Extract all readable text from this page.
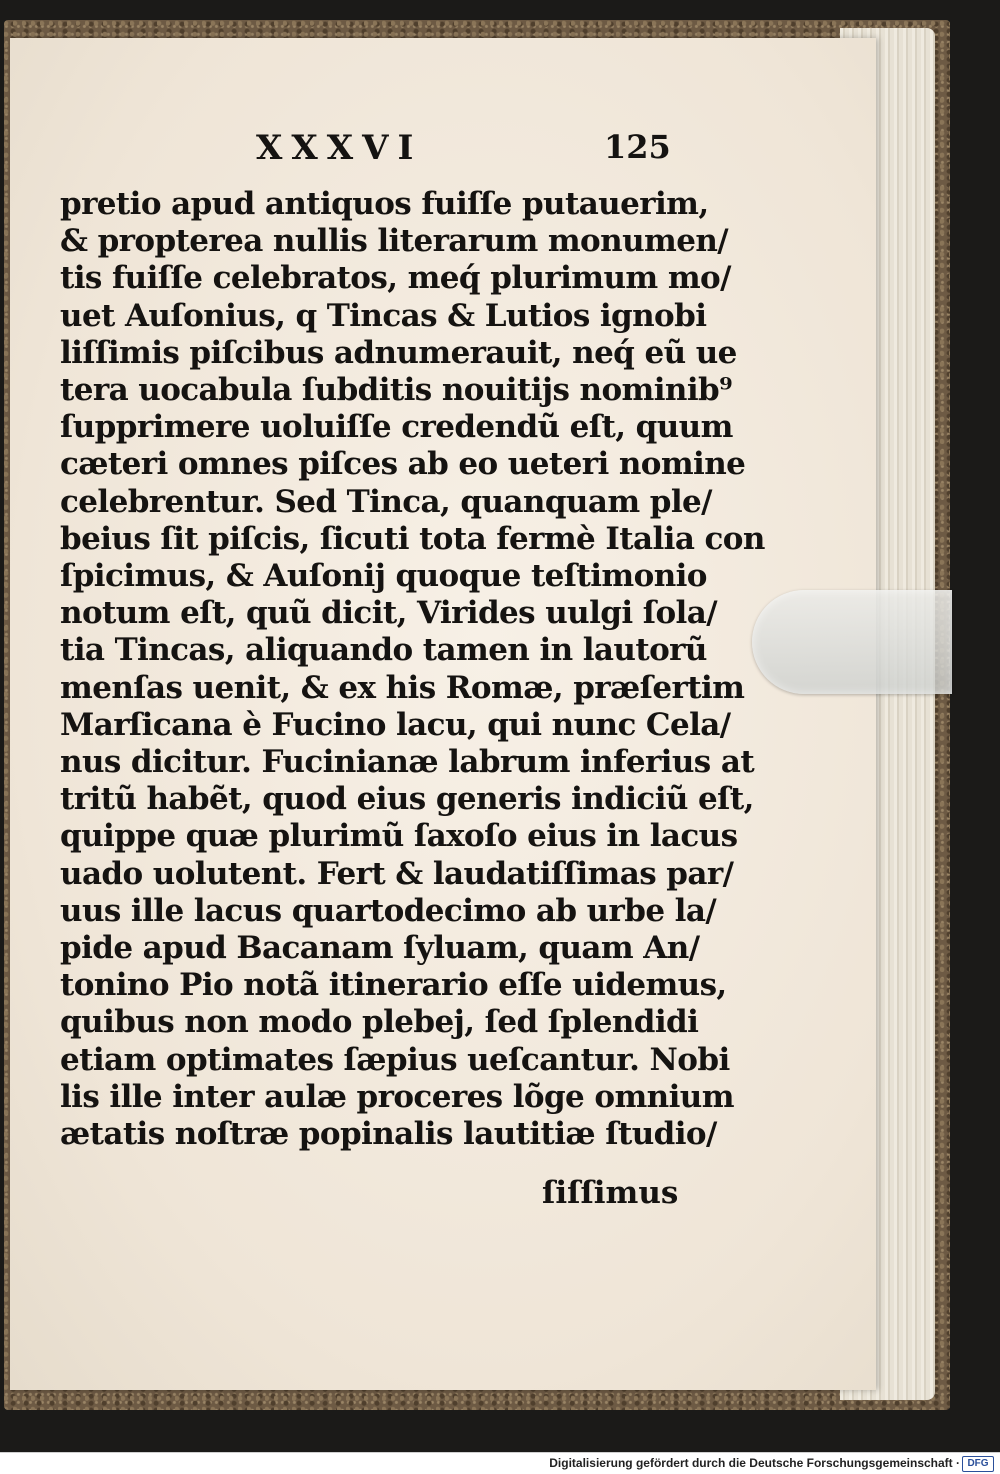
XXXVI	125
pretio apud antiquos fuiſſe putauerim,
& propterea nullis literarum monumen/
tis fuiſſe celebratos, meq́ plurimum mo/
uet Auſonius, q Tincas & Lutios ignobi
liſſimis piſcibus adnumerauit, neq́ eũ ue
tera uocabula ſubditis nouitijs nominib⁹
ſupprimere uoluiſſe credendũ eſt, quum
cæteri omnes piſces ab eo ueteri nomine
celebrentur. Sed Tinca, quanquam ple/
beius ſit piſcis, ſicuti tota fermè Italia con
ſpicimus, & Auſonij quoque teſtimonio
notum eſt, quũ dicit, Virides uulgi ſola/
tia Tincas, aliquando tamen in lautorũ
menſas uenit, & ex his Romæ, præſertim
Marſicana è Fucino lacu, qui nunc Cela/
nus dicitur. Fucinianæ labrum inferius at
tritũ habẽt, quod eius generis indiciũ eſt,
quippe quæ plurimũ ſaxoſo eius in lacus
uado uolutent. Fert & laudatiſſimas par/
uus ille lacus quartodecimo ab urbe la/
pide apud Bacanam ſyluam, quam An/
tonino Pio notã itinerario eſſe uidemus,
quibus non modo plebej, ſed ſplendidi
etiam optimates ſæpius ueſcantur. Nobi
lis ille inter aulæ proceres lõge omnium
ætatis noſtræ popinalis lautitiæ ſtudio/
ſiſſimus
Digitalisierung gefördert durch die Deutsche Forschungsgemeinschaft · DFG
